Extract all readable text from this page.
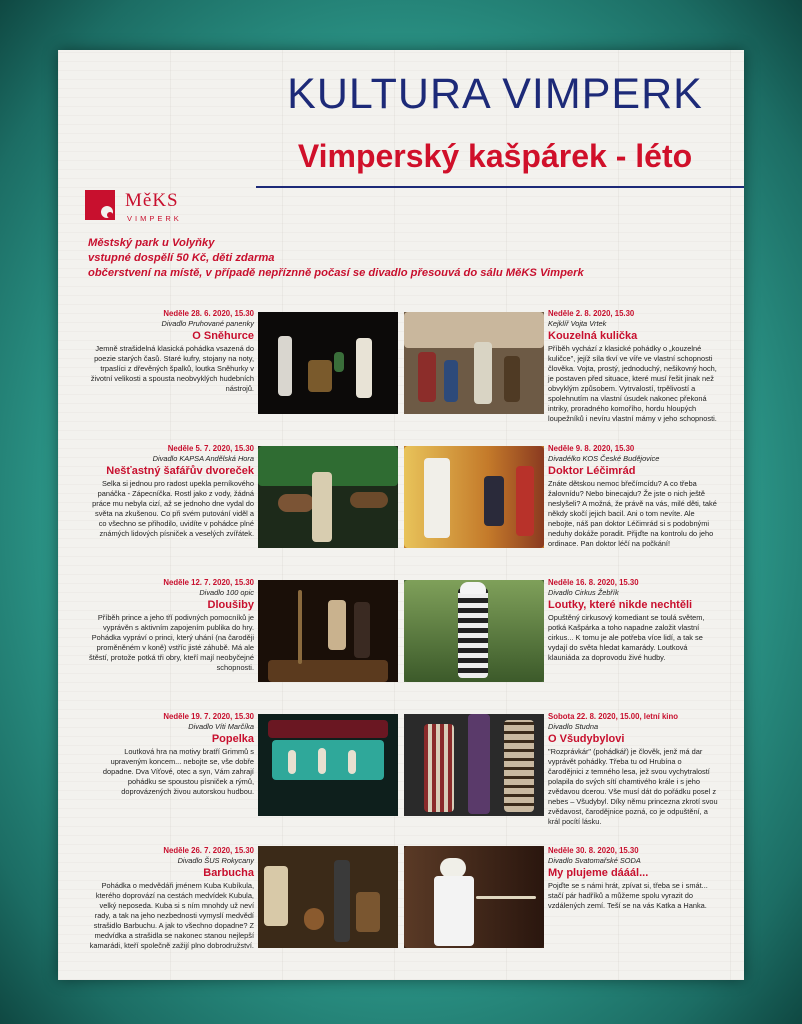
KULTURA VIMPERK
Vimperský kašpárek - léto
MěKS
VIMPERK
Městský park u Volyňky
vstupné dospělí 50 Kč, děti zdarma
občerstvení na místě, v případě nepříznně počasí se divadlo přesouvá do sálu MěKS Vimperk
Neděle 28. 6. 2020, 15.30
Divadlo Pruhované panenky
O Sněhurce
Jemně strašidelná klasická pohádka vsazená do poezie starých časů. Staré kufry, stojany na noty, trpaslíci z dřevěných špalků, loutka Sněhurky v životní velikosti a spousta neobvyklých hudebních nástrojů.
Neděle 5. 7. 2020, 15.30
Divadlo KAPSA Andělská Hora
Nešťastný šafářův dvoreček
Selka si jednou pro radost upekla perníkového panáčka - Zápecníčka. Rostl jako z vody, žádná práce mu nebyla cizí, až se jednoho dne vydal do světa na zkušenou. Co při svém putování viděl a co všechno se přihodilo, uvidíte v pohádce plné známých lidových písniček a veselých zvířátek.
Neděle 12. 7. 2020, 15.30
Divadlo 100 opic
Dloušiby
Příběh prince a jeho tří podivných pomocníků je vyprávěn s aktivním zapojením publika do hry. Pohádka vypráví o princi, který uhání (na čaroději proměněném v koně) vstříc jisté záhubě. Má ale štěstí, protože potká tři obry, kteří mají neobyčejné schopnosti.
Neděle 19. 7. 2020, 15.30
Divadlo Víti Marčíka
Popelka
Loutková hra na motivy bratří Grimmů s upraveným koncem... nebojte se, vše dobře dopadne. Dva Víťové, otec a syn, Vám zahrají pohádku se spoustou písniček a rýmů, doprovázených živou autorskou hudbou.
Neděle 26. 7. 2020, 15.30
Divadlo ŠUS Rokycany
Barbucha
Pohádka o medvědáři jménem Kuba Kubíkula, kterého doprovází na cestách medvídek Kubula, velký neposeda. Kuba si s ním mnohdy už neví rady, a tak na jeho nezbednosti vymyslí medvědí strašidlo Barbuchu. A jak to všechno dopadne? Z medvídka a strašidla se nakonec stanou nejlepší kamarádi, kteří společně zažijí plno dobrodružství.
Neděle 2. 8. 2020, 15.30
Kejklíř Vojta Vrtek
Kouzelná kulička
Příběh vychází z klasické pohádky o „kouzelné kuličce", jejíž síla tkví ve víře ve vlastní schopnosti člověka. Vojta, prostý, jednoduchý, nešikovný hoch, je postaven před situace, které musí řešit jinak než obvyklým způsobem. Vytrvalostí, trpělivostí a spolehnutím na vlastní úsudek nakonec překoná intriky, proradného komořího, hordu hloupých loupežníků i nevíru vlastní mámy v jeho schopnosti.
Neděle 9. 8. 2020, 15.30
Divadélko KOS České Budějovice
Doktor Léčimrád
Znáte dětskou nemoc břečímcídu? A co třeba žalovnídu? Nebo binecajdu? Že jste o nich ještě neslyšeli? A možná, že právě na vás, milé děti, také někdy skočí jejich bacil. Ani o tom nevíte. Ale nebojte, náš pan doktor Léčimrád si s podobnými neduhy dokáže poradit. Přijďte na kontrolu do jeho ordinace. Pan doktor léčí na počkání!
Neděle 16. 8. 2020, 15.30
Divadlo Cirkus Žebřík
Loutky, které nikde nechtěli
Opuštěný cirkusový komediant se toulá světem, potká Kašpárka a toho napadne založit vlastní cirkus... K tomu je ale potřeba více lidí, a tak se vydají do světa hledat kamarády. Loutková klauniáda za doprovodu živé hudby.
Sobota 22. 8. 2020, 15.00, letní kino
Divadlo Studna
O Všudybylovi
"Rozprávkár" (pohádkář) je člověk, jenž má dar vyprávět pohádky. Třeba tu od Hrubína o čarodějnici z temného lesa, jež svou vychytralostí polapila do svých sítí chamtivého krále i s jeho zvědavou dcerou. Vše musí dát do pořádku posel z nebes – Všudybyl. Díky němu princezna zkrotí svou zvědavost, čarodějnice pozná, co je odpuštění, a král pocítí lásku.
Neděle 30. 8. 2020, 15.30
Divadlo Svatomařské SODA
My plujeme dááál...
Pojďte se s námi hrát, zpívat si, třeba se i smát... stačí pár hadříků a můžeme spolu vyrazit do vzdálených zemí. Teší se na vás Katka a Hanka.
